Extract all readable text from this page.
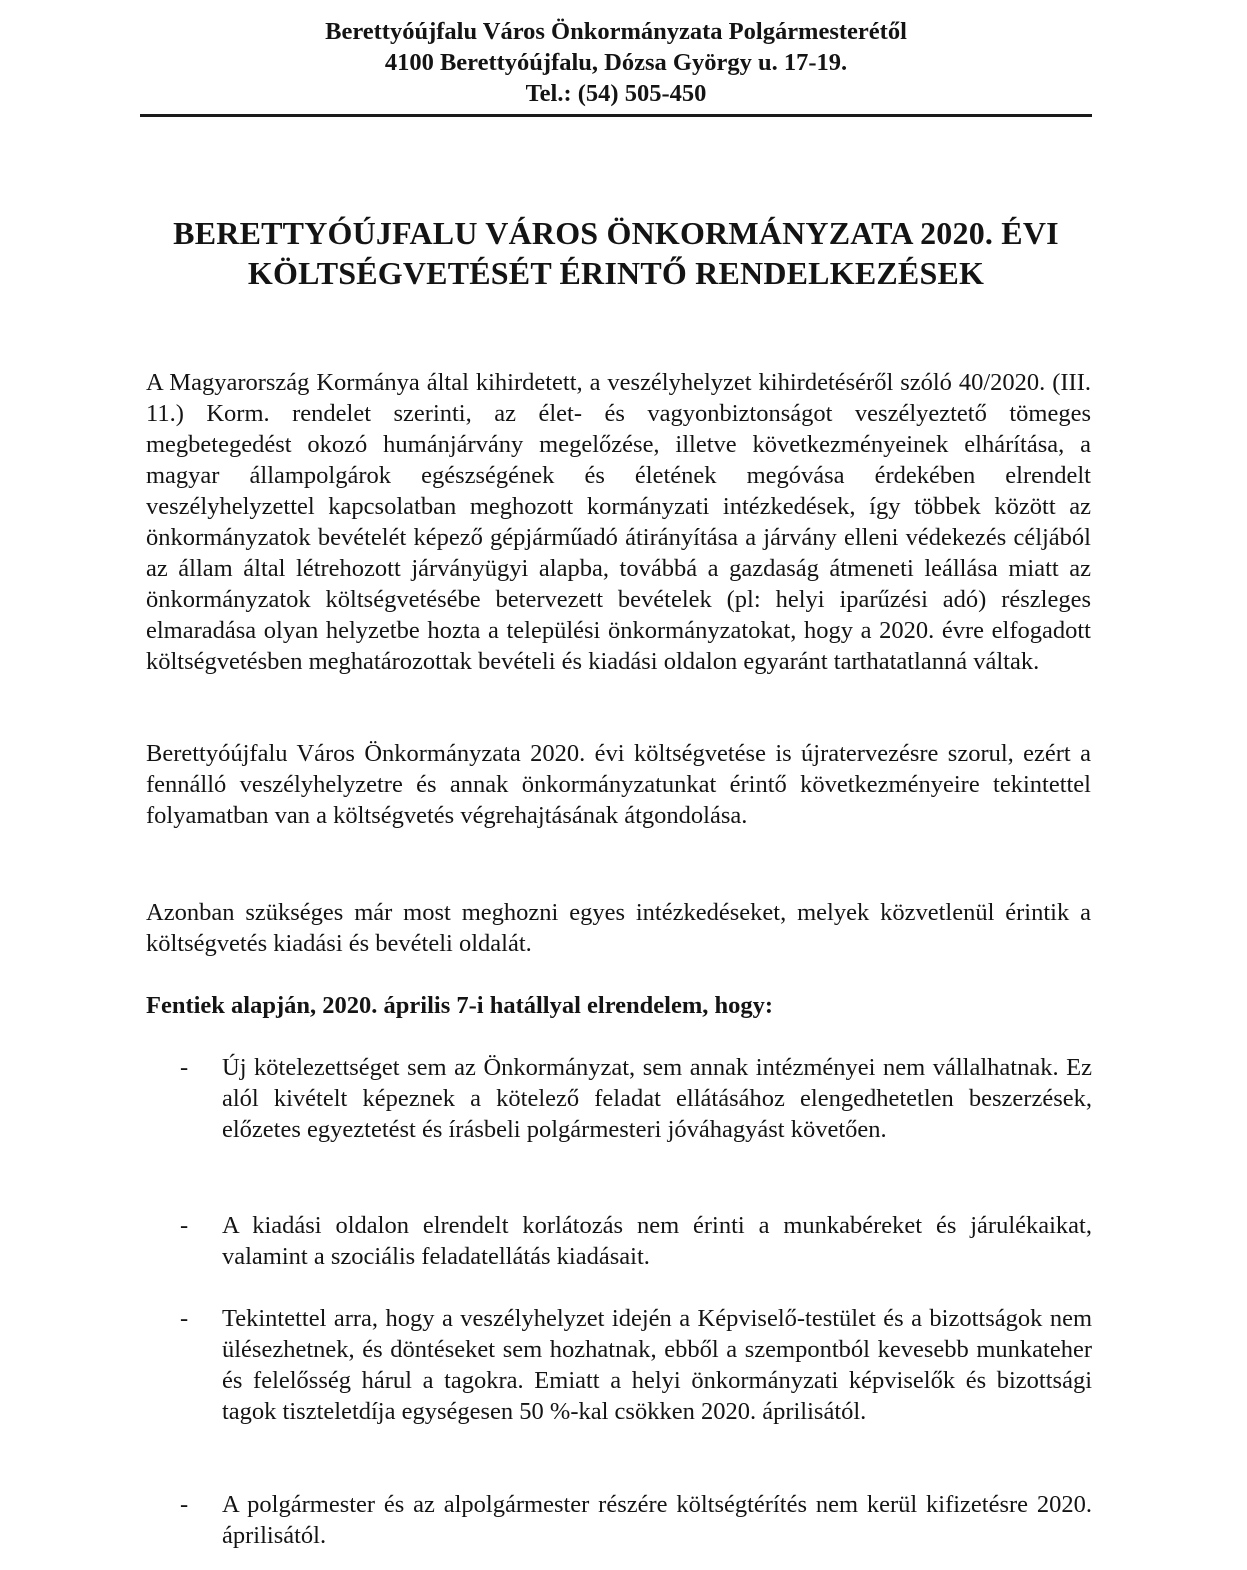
Berettyóújfalu Város Önkormányzata Polgármesterétől
4100 Berettyóújfalu, Dózsa György u. 17-19.
Tel.: (54) 505-450
BERETTYÓÚJFALU VÁROS ÖNKORMÁNYZATA 2020. ÉVI
KÖLTSÉGVETÉSÉT ÉRINTŐ RENDELKEZÉSEK
A Magyarország Kormánya által kihirdetett, a veszélyhelyzet kihirdetéséről szóló 40/2020. (III. 11.) Korm. rendelet szerinti, az élet- és vagyonbiztonságot veszélyeztető tömeges megbetegedést okozó humánjárvány megelőzése, illetve következményeinek elhárítása, a magyar állampolgárok egészségének és életének megóvása érdekében elrendelt veszélyhelyzettel kapcsolatban meghozott kormányzati intézkedések, így többek között az önkormányzatok bevételét képező gépjárműadó átirányítása a járvány elleni védekezés céljából az állam által létrehozott járványügyi alapba, továbbá a gazdaság átmeneti leállása miatt az önkormányzatok költségvetésébe betervezett bevételek (pl: helyi iparűzési adó) részleges elmaradása olyan helyzetbe hozta a települési önkormányzatokat, hogy a 2020. évre elfogadott költségvetésben meghatározottak bevételi és kiadási oldalon egyaránt tarthatatlanná váltak.
Berettyóújfalu Város Önkormányzata 2020. évi költségvetése is újratervezésre szorul, ezért a fennálló veszélyhelyzetre és annak önkormányzatunkat érintő következményeire tekintettel folyamatban van a költségvetés végrehajtásának átgondolása.
Azonban szükséges már most meghozni egyes intézkedéseket, melyek közvetlenül érintik a költségvetés kiadási és bevételi oldalát.
Fentiek alapján, 2020. április 7-i hatállyal elrendelem, hogy:
-	Új kötelezettséget sem az Önkormányzat, sem annak intézményei nem vállalhatnak. Ez alól kivételt képeznek a kötelező feladat ellátásához elengedhetetlen beszerzések, előzetes egyeztetést és írásbeli polgármesteri jóváhagyást követően.
-	A kiadási oldalon elrendelt korlátozás nem érinti a munkabéreket és járulékaikat, valamint a szociális feladatellátás kiadásait.
-	Tekintettel arra, hogy a veszélyhelyzet idején a Képviselő-testület és a bizottságok nem ülésezhetnek, és döntéseket sem hozhatnak, ebből a szempontból kevesebb munkateher és felelősség hárul a tagokra. Emiatt a helyi önkormányzati képviselők és bizottsági tagok tiszteletdíja egységesen 50 %-kal csökken 2020. áprilisától.
-	A polgármester és az alpolgármester részére költségtérítés nem kerül kifizetésre 2020. áprilisától.
